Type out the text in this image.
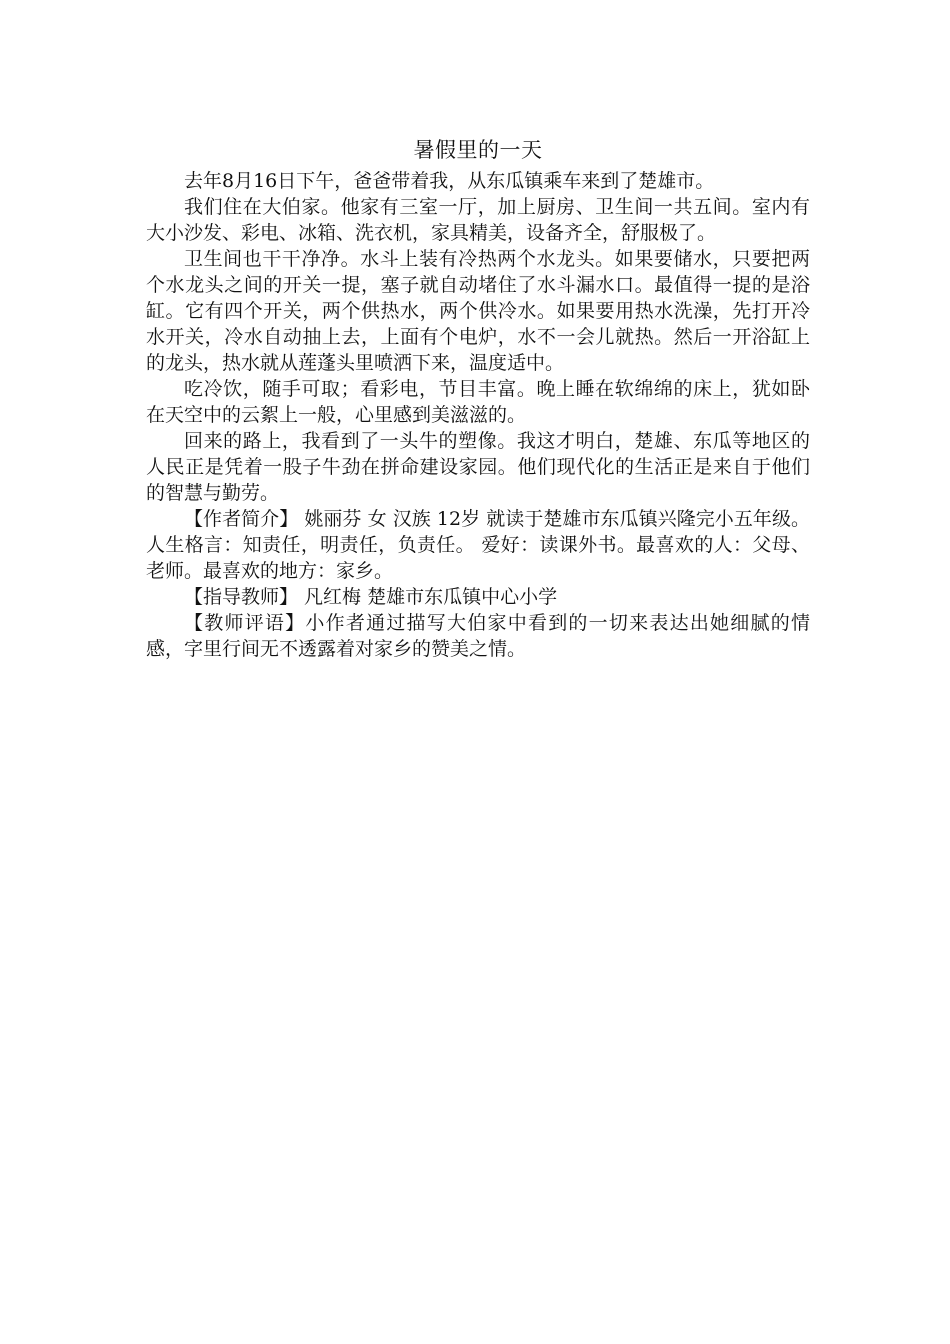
暑假里的一天

去年8月16日下午，爸爸带着我，从东瓜镇乘车来到了楚雄市。

我们住在大伯家。他家有三室一厅，加上厨房、卫生间一共五间。室内有大小沙发、彩电、冰箱、洗衣机，家具精美，设备齐全，舒服极了。

卫生间也干干净净。水斗上装有冷热两个水龙头。如果要储水，只要把两个水龙头之间的开关一提，塞子就自动堵住了水斗漏水口。最值得一提的是浴缸。它有四个开关，两个供热水，两个供冷水。如果要用热水洗澡，先打开冷水开关，冷水自动抽上去，上面有个电炉，水不一会儿就热。然后一开浴缸上的龙头，热水就从莲蓬头里喷洒下来，温度适中。

吃冷饮，随手可取；看彩电，节目丰富。晚上睡在软绵绵的床上，犹如卧在天空中的云絮上一般，心里感到美滋滋的。

回来的路上，我看到了一头牛的塑像。我这才明白，楚雄、东瓜等地区的人民正是凭着一股子牛劲在拼命建设家园。他们现代化的生活正是来自于他们的智慧与勤劳。

【作者简介】 姚丽芬 女 汉族 12岁 就读于楚雄市东瓜镇兴隆完小五年级。人生格言：知责任，明责任，负责任。 爱好：读课外书。最喜欢的人：父母、老师。最喜欢的地方：家乡。

【指导教师】 凡红梅 楚雄市东瓜镇中心小学

【教师评语】小作者通过描写大伯家中看到的一切来表达出她细腻的情感，字里行间无不透露着对家乡的赞美之情。
